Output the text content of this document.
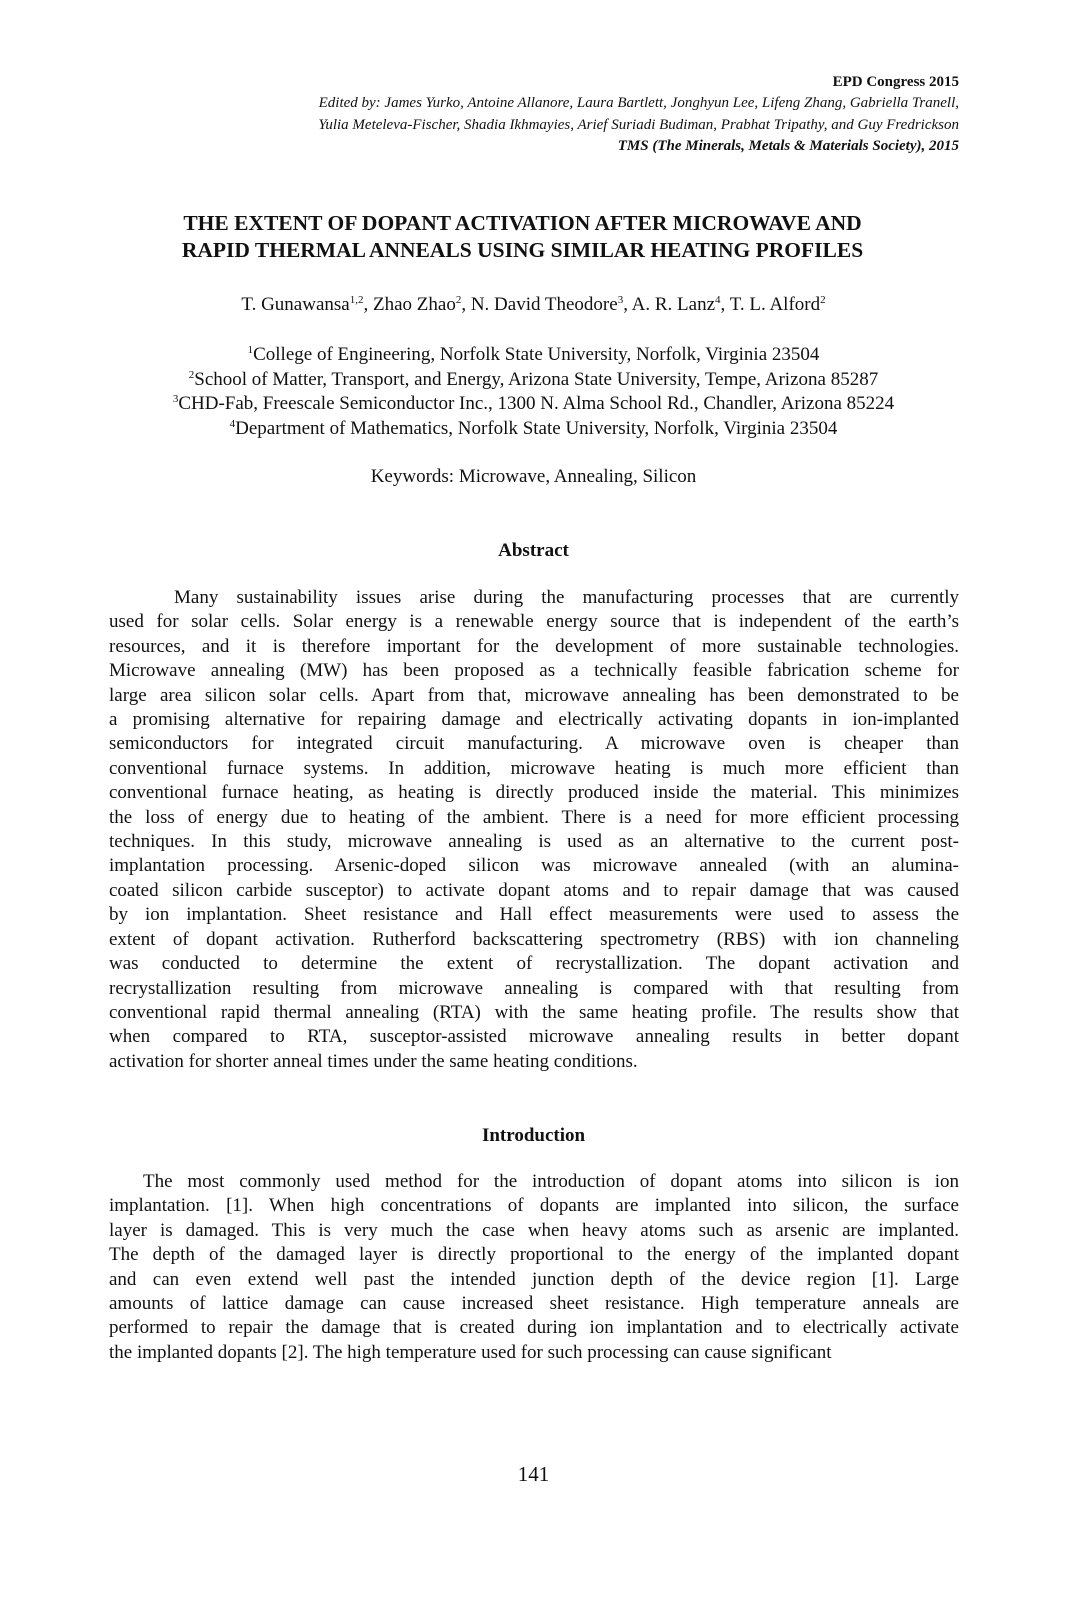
EPD Congress 2015
Edited by: James Yurko, Antoine Allanore, Laura Bartlett, Jonghyun Lee, Lifeng Zhang, Gabriella Tranell,
Yulia Meteleva-Fischer, Shadia Ikhmayies, Arief Suriadi Budiman, Prabhat Tripathy, and Guy Fredrickson
TMS (The Minerals, Metals & Materials Society), 2015
THE EXTENT OF DOPANT ACTIVATION AFTER MICROWAVE AND
RAPID THERMAL ANNEALS USING SIMILAR HEATING PROFILES
T. Gunawansa$^{1,2}$, Zhao Zhao$^2$, N. David Theodore$^3$, A. R. Lanz$^4$, T. L. Alford$^2$
$^1$College of Engineering, Norfolk State University, Norfolk, Virginia 23504
$^2$School of Matter, Transport, and Energy, Arizona State University, Tempe, Arizona 85287
$^3$CHD-Fab, Freescale Semiconductor Inc., 1300 N. Alma School Rd., Chandler, Arizona 85224
$^4$Department of Mathematics, Norfolk State University, Norfolk, Virginia 23504
Keywords: Microwave, Annealing, Silicon
Abstract
Many sustainability issues arise during the manufacturing processes that are currently
used for solar cells. Solar energy is a renewable energy source that is independent of the earth’s
resources, and it is therefore important for the development of more sustainable technologies.
Microwave annealing (MW) has been proposed as a technically feasible fabrication scheme for
large area silicon solar cells. Apart from that, microwave annealing has been demonstrated to be
a promising alternative for repairing damage and electrically activating dopants in ion-implanted
semiconductors for integrated circuit manufacturing. A microwave oven is cheaper than
conventional furnace systems. In addition, microwave heating is much more efficient than
conventional furnace heating, as heating is directly produced inside the material. This minimizes
the loss of energy due to heating of the ambient. There is a need for more efficient processing
techniques. In this study, microwave annealing is used as an alternative to the current post-
implantation processing. Arsenic-doped silicon was microwave annealed (with an alumina-
coated silicon carbide susceptor) to activate dopant atoms and to repair damage that was caused
by ion implantation. Sheet resistance and Hall effect measurements were used to assess the
extent of dopant activation. Rutherford backscattering spectrometry (RBS) with ion channeling
was conducted to determine the extent of recrystallization. The dopant activation and
recrystallization resulting from microwave annealing is compared with that resulting from
conventional rapid thermal annealing (RTA) with the same heating profile. The results show that
when compared to RTA, susceptor-assisted microwave annealing results in better dopant
activation for shorter anneal times under the same heating conditions.
Introduction
The most commonly used method for the introduction of dopant atoms into silicon is ion
implantation. [1]. When high concentrations of dopants are implanted into silicon, the surface
layer is damaged. This is very much the case when heavy atoms such as arsenic are implanted.
The depth of the damaged layer is directly proportional to the energy of the implanted dopant
and can even extend well past the intended junction depth of the device region [1]. Large
amounts of lattice damage can cause increased sheet resistance. High temperature anneals are
performed to repair the damage that is created during ion implantation and to electrically activate
the implanted dopants [2]. The high temperature used for such processing can cause significant
141
